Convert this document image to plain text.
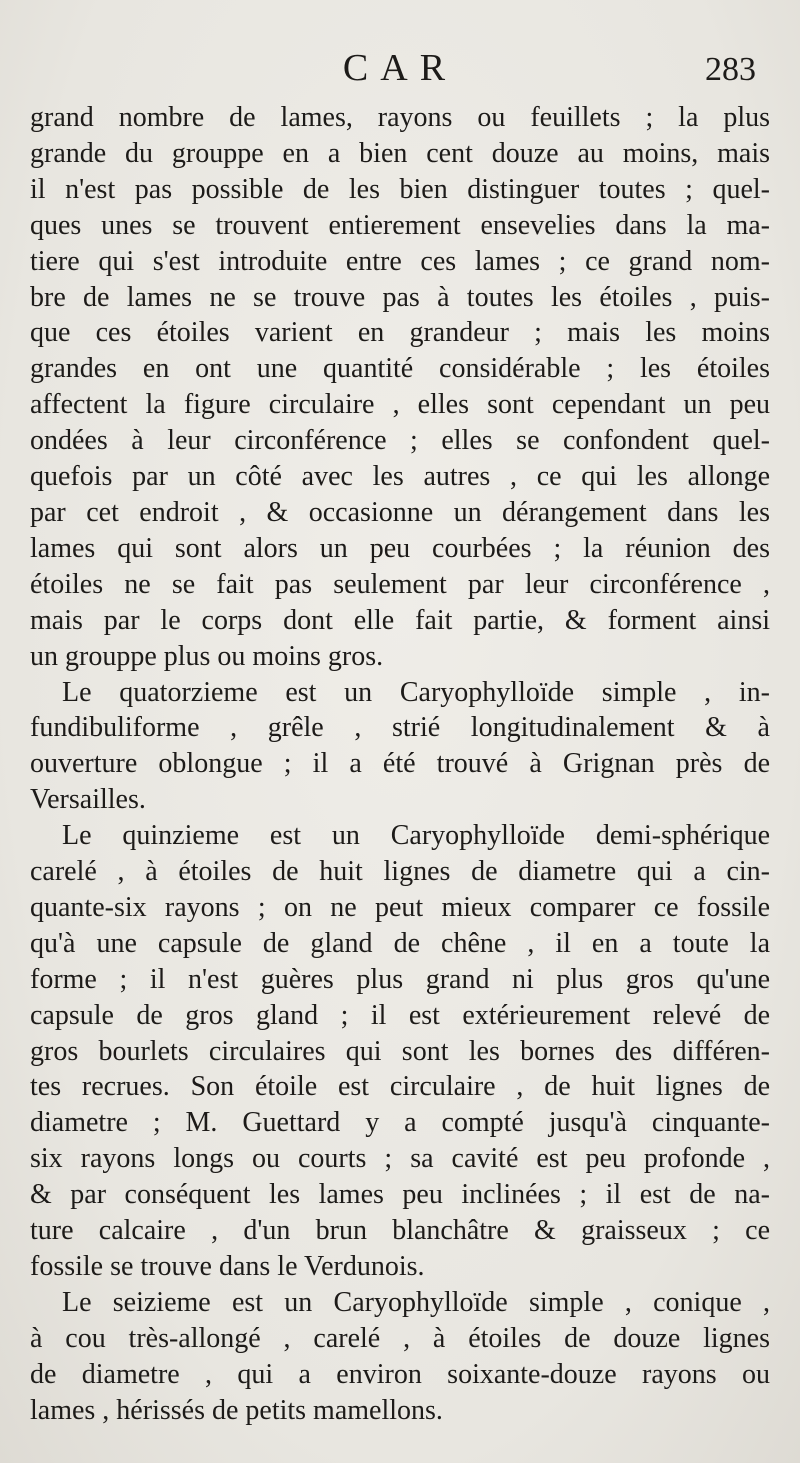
CAR	283

grand nombre de lames, rayons ou feuillets ; la plus
grande du grouppe en a bien cent douze au moins, mais
il n'est pas possible de les bien distinguer toutes ; quel-
ques unes se trouvent entierement ensevelies dans la ma-
tiere qui s'est introduite entre ces lames ; ce grand nom-
bre de lames ne se trouve pas à toutes les étoiles , puis-
que ces étoiles varient en grandeur ; mais les moins
grandes en ont une quantité considérable ; les étoiles
affectent la figure circulaire , elles sont cependant un peu
ondées à leur circonférence ; elles se confondent quel-
quefois par un côté avec les autres , ce qui les allonge
par cet endroit , & occasionne un dérangement dans les
lames qui sont alors un peu courbées ; la réunion des
étoiles ne se fait pas seulement par leur circonférence ,
mais par le corps dont elle fait partie, & forment ainsi
un grouppe plus ou moins gros.

Le quatorzieme est un Caryophylloïde simple , in-
fundibuliforme , grêle , strié longitudinalement & à
ouverture oblongue ; il a été trouvé à Grignan près de
Versailles.

Le quinzieme est un Caryophylloïde demi-sphérique
carelé , à étoiles de huit lignes de diametre qui a cin-
quante-six rayons ; on ne peut mieux comparer ce fossile
qu'à une capsule de gland de chêne , il en a toute la
forme ; il n'est guères plus grand ni plus gros qu'une
capsule de gros gland ; il est extérieurement relevé de
gros bourlets circulaires qui sont les bornes des différen-
tes recrues. Son étoile est circulaire , de huit lignes de
diametre ; M. Guettard y a compté jusqu'à cinquante-
six rayons longs ou courts ; sa cavité est peu profonde ,
& par conséquent les lames peu inclinées ; il est de na-
ture calcaire , d'un brun blanchâtre & graisseux ; ce
fossile se trouve dans le Verdunois.

Le seizieme est un Caryophylloïde simple , conique ,
à cou très-allongé , carelé , à étoiles de douze lignes
de diametre , qui a environ soixante-douze rayons ou
lames , hérissés de petits mamellons.
